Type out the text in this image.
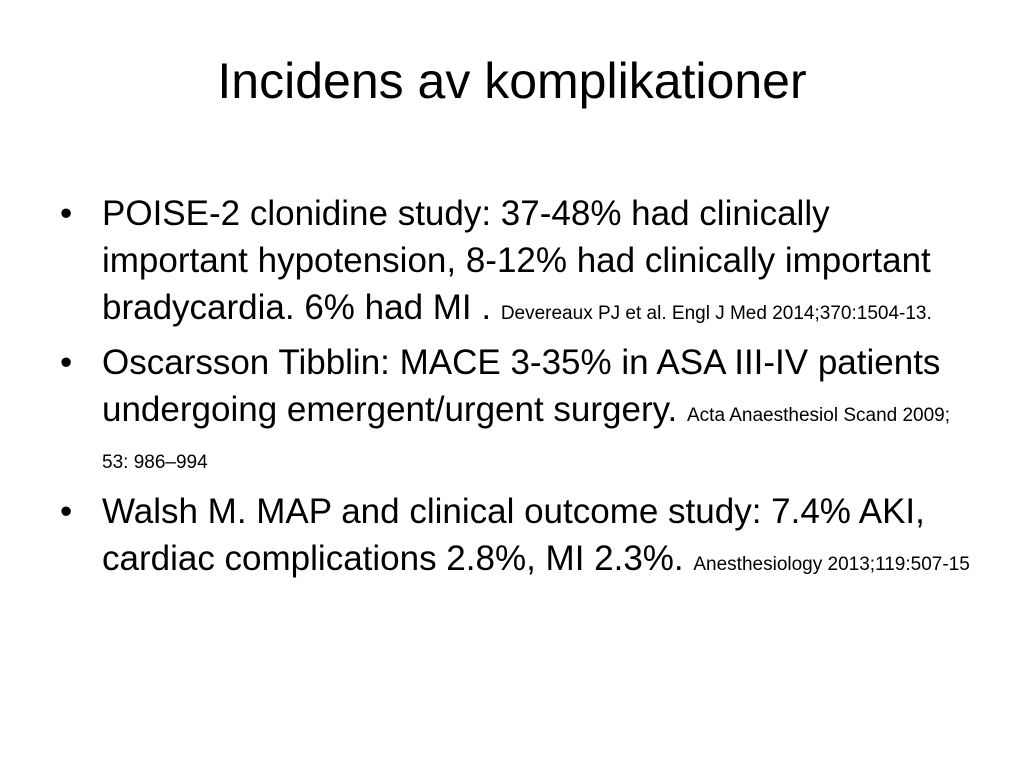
Incidens av komplikationer
• POISE-2 clonidine study: 37-48% had clinically important hypotension, 8-12% had clinically important bradycardia. 6% had MI . Devereaux PJ et al. Engl J Med 2014;370:1504-13.
• Oscarsson Tibblin: MACE 3-35% in ASA III-IV patients undergoing emergent/urgent surgery. Acta Anaesthesiol Scand 2009; 53: 986–994
• Walsh M. MAP and clinical outcome study: 7.4% AKI, cardiac complications 2.8%, MI 2.3%. Anesthesiology 2013;119:507-15
